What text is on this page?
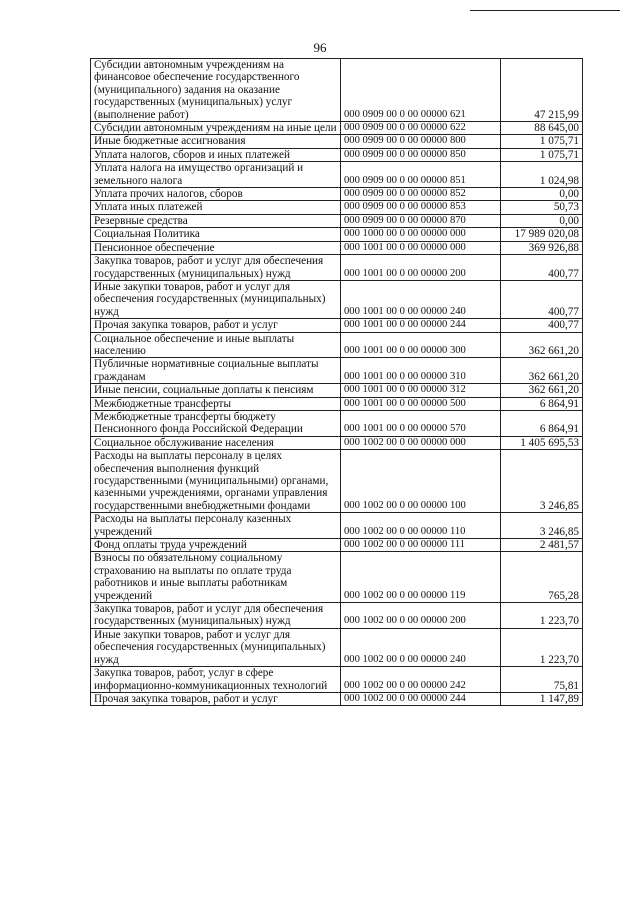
96
Субсидии автономным учреждениям на финансовое обеспечение государственного (муниципального) задания на оказание государственных (муниципальных) услуг (выполнение работ)	000 0909 00 0 00 00000 621	47 215,99
Субсидии автономным учреждениям на иные цели	000 0909 00 0 00 00000 622	88 645,00
Иные бюджетные ассигнования	000 0909 00 0 00 00000 800	1 075,71
Уплата налогов, сборов и иных платежей	000 0909 00 0 00 00000 850	1 075,71
Уплата налога на имущество организаций и земельного налога	000 0909 00 0 00 00000 851	1 024,98
Уплата прочих налогов, сборов	000 0909 00 0 00 00000 852	0,00
Уплата иных платежей	000 0909 00 0 00 00000 853	50,73
Резервные средства	000 0909 00 0 00 00000 870	0,00
Социальная Политика	000 1000 00 0 00 00000 000	17 989 020,08
Пенсионное обеспечение	000 1001 00 0 00 00000 000	369 926,88
Закупка товаров, работ и услуг для обеспечения государственных (муниципальных) нужд	000 1001 00 0 00 00000 200	400,77
Иные закупки товаров, работ и услуг для обеспечения государственных (муниципальных) нужд	000 1001 00 0 00 00000 240	400,77
Прочая закупка товаров, работ и услуг	000 1001 00 0 00 00000 244	400,77
Социальное обеспечение и иные выплаты населению	000 1001 00 0 00 00000 300	362 661,20
Публичные нормативные социальные выплаты гражданам	000 1001 00 0 00 00000 310	362 661,20
Иные пенсии, социальные доплаты к пенсиям	000 1001 00 0 00 00000 312	362 661,20
Межбюджетные трансферты	000 1001 00 0 00 00000 500	6 864,91
Межбюджетные трансферты бюджету Пенсионного фонда Российской Федерации	000 1001 00 0 00 00000 570	6 864,91
Социальное обслуживание населения	000 1002 00 0 00 00000 000	1 405 695,53
Расходы на выплаты персоналу в целях обеспечения выполнения функций государственными (муниципальными) органами, казенными учреждениями, органами управления государственными внебюджетными фондами	000 1002 00 0 00 00000 100	3 246,85
Расходы на выплаты персоналу казенных учреждений	000 1002 00 0 00 00000 110	3 246,85
Фонд оплаты труда учреждений	000 1002 00 0 00 00000 111	2 481,57
Взносы по обязательному социальному страхованию на выплаты по оплате труда работников и иные выплаты работникам учреждений	000 1002 00 0 00 00000 119	765,28
Закупка товаров, работ и услуг для обеспечения государственных (муниципальных) нужд	000 1002 00 0 00 00000 200	1 223,70
Иные закупки товаров, работ и услуг для обеспечения государственных (муниципальных) нужд	000 1002 00 0 00 00000 240	1 223,70
Закупка товаров, работ, услуг в сфере информационно-коммуникационных технологий	000 1002 00 0 00 00000 242	75,81
Прочая закупка товаров, работ и услуг	000 1002 00 0 00 00000 244	1 147,89
